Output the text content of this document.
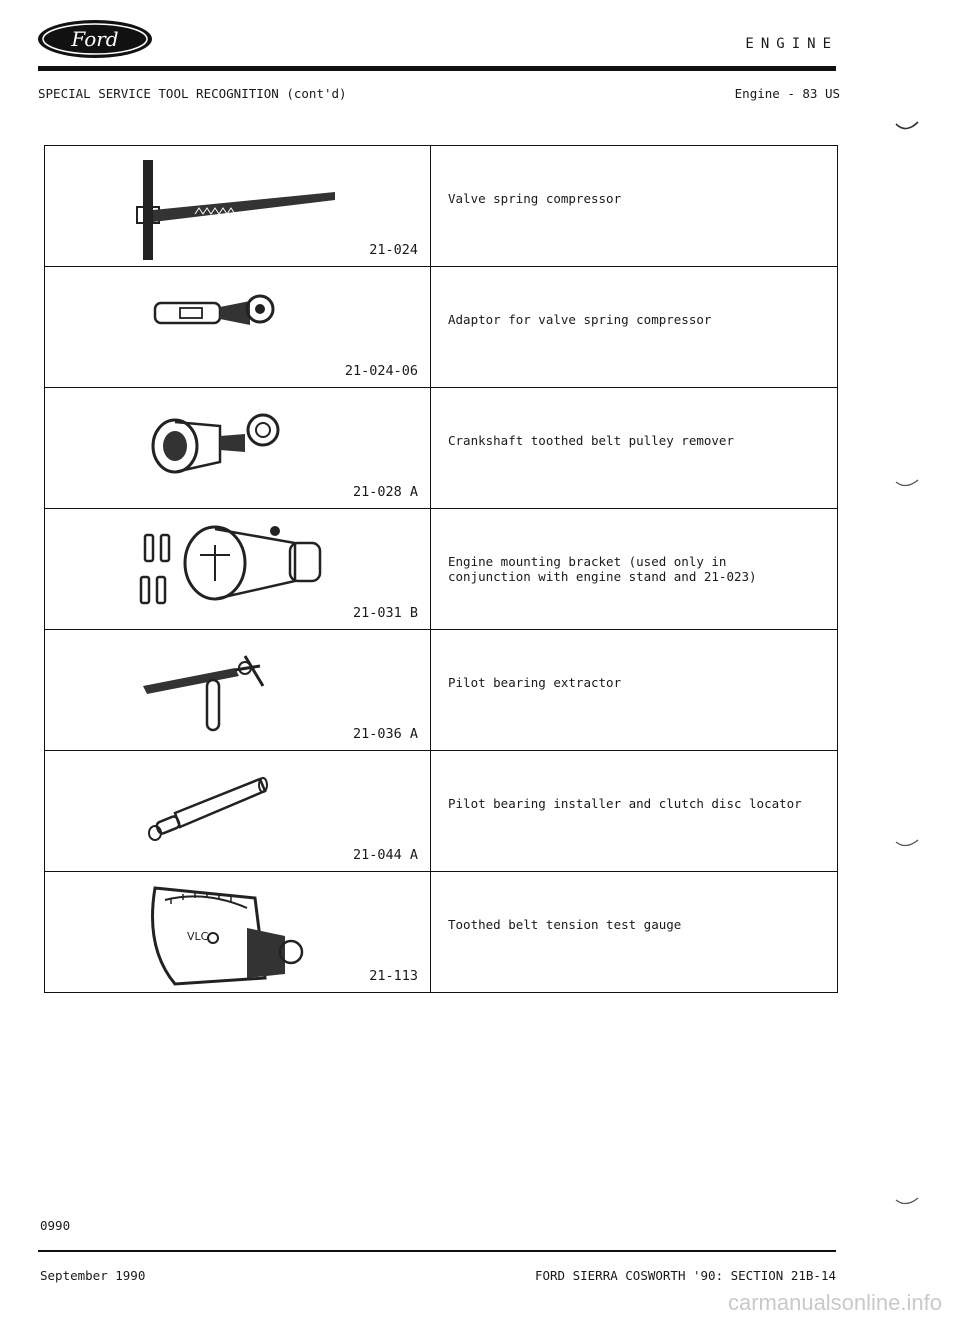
Ford	ENGINE
SPECIAL SERVICE TOOL RECOGNITION (cont'd)	Engine - 83 US
21-024	Valve spring compressor

21-024-06	Adaptor for valve spring compressor

21-028 A	Crankshaft toothed belt pulley remover

21-031 B	Engine mounting bracket (used only in
conjunction with engine stand and 21-023)

21-036 A	Pilot bearing extractor

21-044 A	Pilot bearing installer and clutch disc locator

VLC
21-113	Toothed belt tension test gauge
0990
September 1990	FORD SIERRA COSWORTH '90: SECTION 21B-14
carmanualsonline.info
